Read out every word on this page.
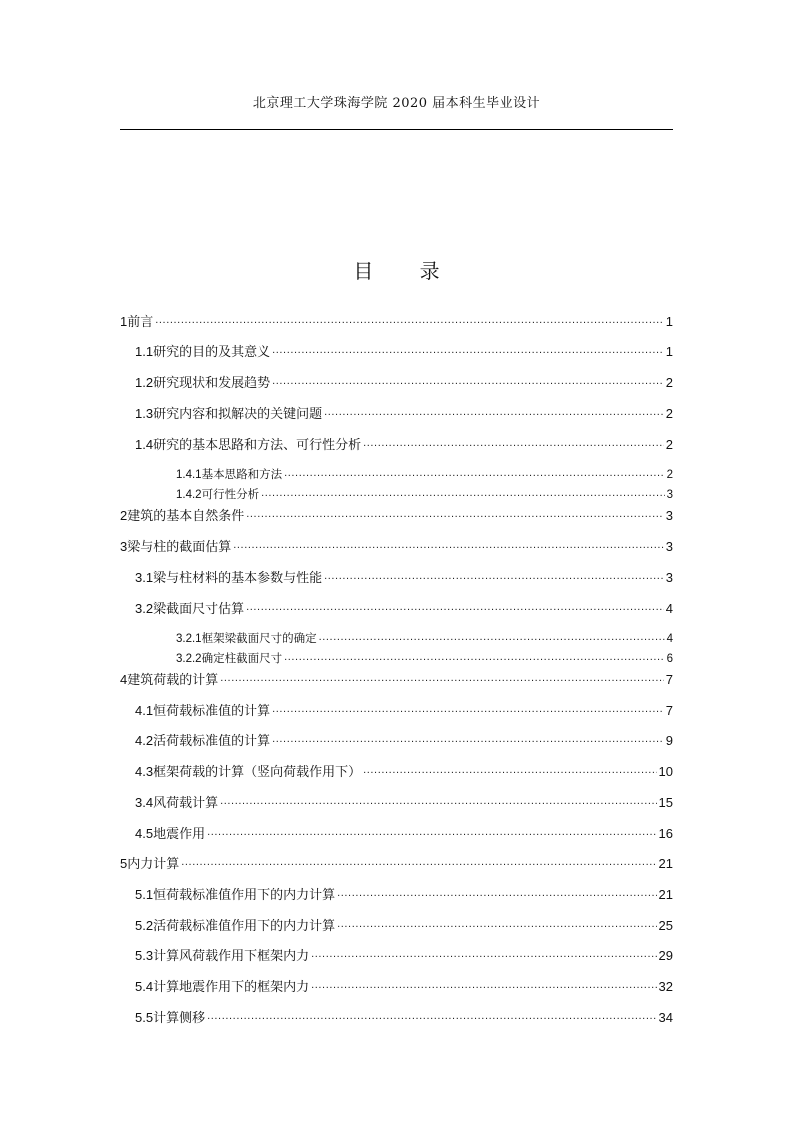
北京理工大学珠海学院 2020 届本科生毕业设计
目 录
1 前言 .....	1
1.1 研究的目的及其意义 .....	1
1.2 研究现状和发展趋势 .....	2
1.3 研究内容和拟解决的关键问题 .....	2
1.4 研究的基本思路和方法、可行性分析 .....	2
1.4.1 基本思路和方法 .....	2
1.4.2 可行性分析 .....	3
2 建筑的基本自然条件 .....	3
3 梁与柱的截面估算 .....	3
3.1 梁与柱材料的基本参数与性能 .....	3
3.2 梁截面尺寸估算 .....	4
3.2.1 框架梁截面尺寸的确定 .....	4
3.2.2 确定柱截面尺寸 .....	6
4 建筑荷载的计算 .....	7
4.1 恒荷载标准值的计算 .....	7
4.2 活荷载标准值的计算 .....	9
4.3 框架荷载的计算（竖向荷载作用下） .....	10
3.4 风荷载计算 .....	15
4.5 地震作用 .....	16
5 内力计算 .....	21
5.1 恒荷载标准值作用下的内力计算 .....	21
5.2 活荷载标准值作用下的内力计算 .....	25
5.3 计算风荷载作用下框架内力 .....	29
5.4 计算地震作用下的框架内力 .....	32
5.5 计算侧移 .....	34
